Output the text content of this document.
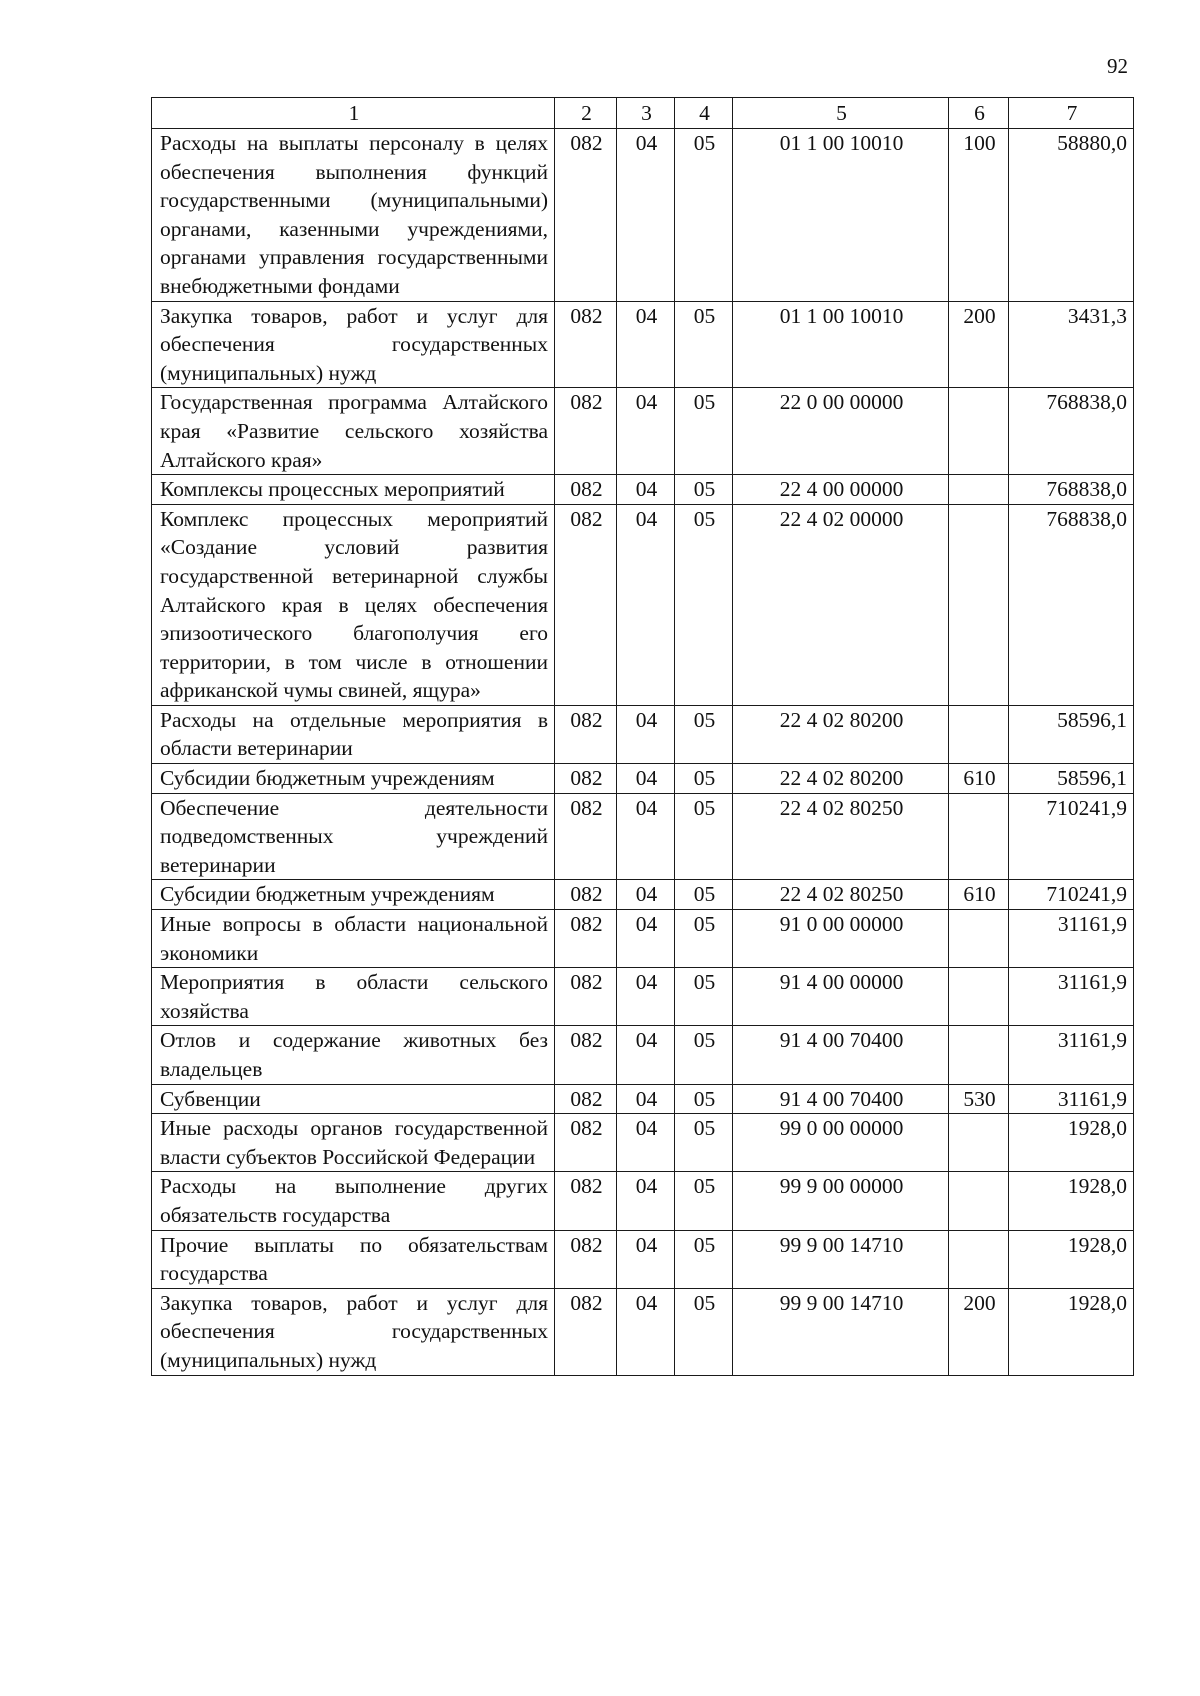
92
1	2	3	4	5	6	7
Расходы на выплаты персоналу в целях обеспечения выполнения функций государственными (муниципальными) органами, казенными учреждениями, органами управления государственными внебюджетными фондами	082	04	05	01 1 00 10010	100	58880,0
Закупка товаров, работ и услуг для обеспечения государственных (муниципальных) нужд	082	04	05	01 1 00 10010	200	3431,3
Государственная программа Алтайского края «Развитие сельского хозяйства Алтайского края»	082	04	05	22 0 00 00000		768838,0
Комплексы процессных мероприятий	082	04	05	22 4 00 00000		768838,0
Комплекс процессных мероприятий «Создание условий развития государственной ветеринарной службы Алтайского края в целях обеспечения эпизоотического благополучия его территории, в том числе в отношении африканской чумы свиней, ящура»	082	04	05	22 4 02 00000		768838,0
Расходы на отдельные мероприятия в области ветеринарии	082	04	05	22 4 02 80200		58596,1
Субсидии бюджетным учреждениям	082	04	05	22 4 02 80200	610	58596,1
Обеспечение деятельности подведомственных учреждений ветеринарии	082	04	05	22 4 02 80250		710241,9
Субсидии бюджетным учреждениям	082	04	05	22 4 02 80250	610	710241,9
Иные вопросы в области национальной экономики	082	04	05	91 0 00 00000		31161,9
Мероприятия в области сельского хозяйства	082	04	05	91 4 00 00000		31161,9
Отлов и содержание животных без владельцев	082	04	05	91 4 00 70400		31161,9
Субвенции	082	04	05	91 4 00 70400	530	31161,9
Иные расходы органов государственной власти субъектов Российской Федерации	082	04	05	99 0 00 00000		1928,0
Расходы на выполнение других обязательств государства	082	04	05	99 9 00 00000		1928,0
Прочие выплаты по обязательствам государства	082	04	05	99 9 00 14710		1928,0
Закупка товаров, работ и услуг для обеспечения государственных (муниципальных) нужд	082	04	05	99 9 00 14710	200	1928,0
